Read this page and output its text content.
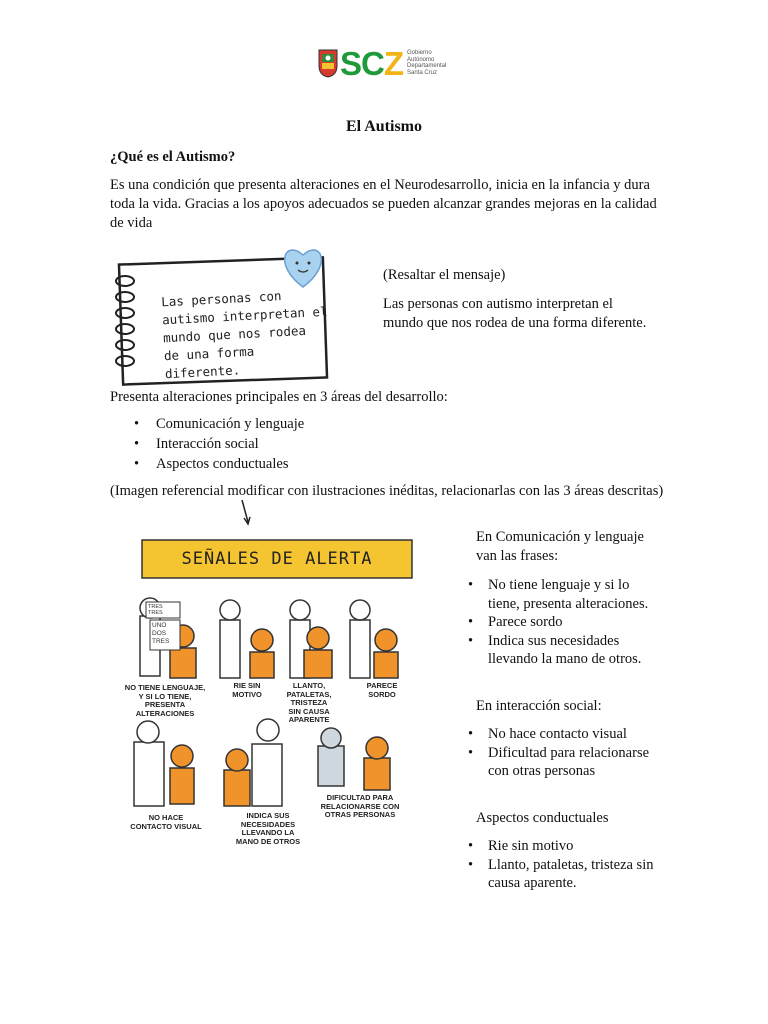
SCZ Gobierno
Autónomo
Departamental
Santa Cruz
El Autismo
¿Qué es el Autismo?
Es una condición que presenta alteraciones en el Neurodesarrollo, inicia en la infancia y dura toda la vida. Gracias a los apoyos adecuados se pueden alcanzar grandes mejoras en la calidad de vida
Las personas con
autismo interpretan el
mundo que nos rodea
de una forma
diferente.
(Resaltar el mensaje)
Las personas con autismo interpretan el mundo que nos rodea de una forma diferente.
Presenta alteraciones principales en 3 áreas del desarrollo:
• Comunicación y lenguaje
• Interacción social
• Aspectos conductuales
(Imagen referencial modificar con ilustraciones inéditas, relacionarlas con las 3 áreas descritas)
SEÑALES DE ALERTA
TRES
TRES
UNO
DOS
TRES
NO TIENE LENGUAJE,
Y SI LO TIENE,
PRESENTA
ALTERACIONES
RIE SIN
MOTIVO
LLANTO,
PATALETAS,
TRISTEZA
SIN CAUSA
APARENTE
PARECE
SORDO
NO HACE
CONTACTO VISUAL
INDICA SUS
NECESIDADES
LLEVANDO LA
MANO DE OTROS
DIFICULTAD PARA
RELACIONARSE CON
OTRAS PERSONAS
En Comunicación y lenguaje van las frases:
• No tiene lenguaje y si lo tiene, presenta alteraciones.
• Parece sordo
• Indica sus necesidades llevando la mano de otros.
En interacción social:
• No hace contacto visual
• Dificultad para relacionarse con otras personas
Aspectos conductuales
• Rie sin motivo
• Llanto, pataletas, tristeza sin causa aparente.
